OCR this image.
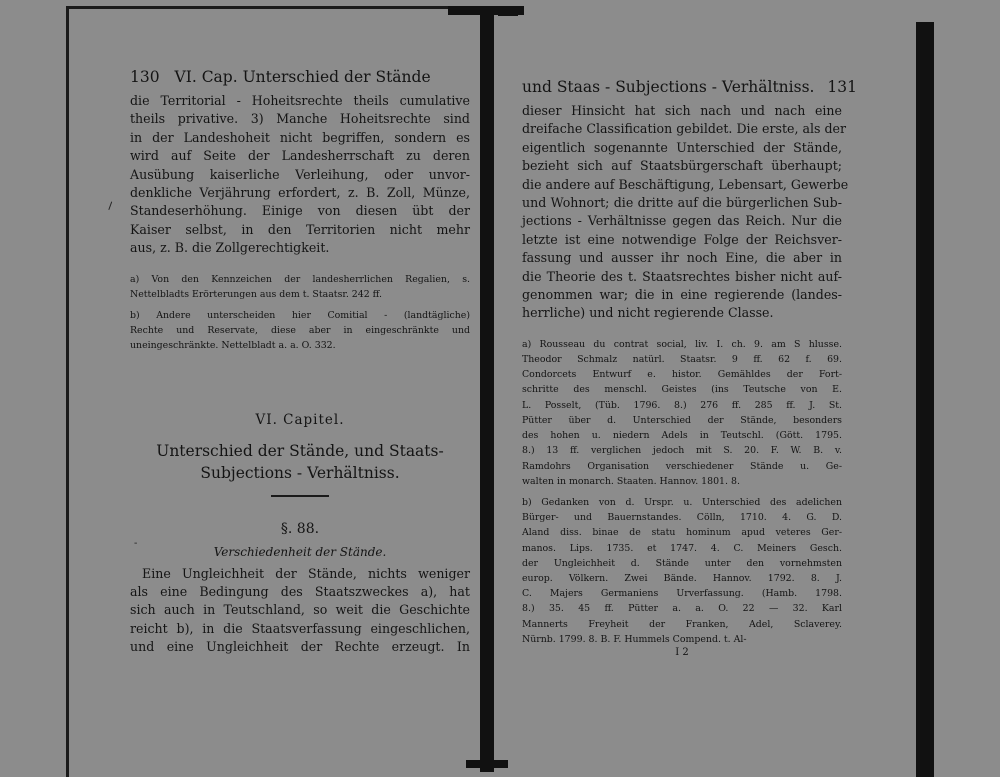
⸝
-
130 VI. Cap. Unterschied der Stände
die Territorial - Hoheitsrechte theils cumulative
theils privative. 3) Manche Hoheitsrechte sind
in der Landeshoheit nicht begriffen, sondern es
wird auf Seite der Landesherrschaft zu deren
Ausübung kaiserliche Verleihung, oder unvor-
denkliche Verjährung erfordert, z. B. Zoll, Münze,
Standeserhöhung. Einige von diesen übt der
Kaiser selbst, in den Territorien nicht mehr
aus, z. B. die Zollgerechtigkeit.
a) Von den Kennzeichen der landesherrlichen Regalien, s.
Nettelbladts Erörterungen aus dem t. Staatsr. 242 ff.
b) Andere unterscheiden hier Comitial - (landtägliche)
Rechte und Reservate, diese aber in eingeschränkte und
uneingeschränkte. Nettelbladt a. a. O. 332.
VI. Capitel.
Unterschied der Stände, und Staats-
Subjections - Verhältniss.
§. 88.
Verschiedenheit der Stände.
Eine Ungleichheit der Stände, nichts weniger
als eine Bedingung des Staatszweckes a), hat
sich auch in Teutschland, so weit die Geschichte
reicht b), in die Staatsverfassung eingeschlichen,
und eine Ungleichheit der Rechte erzeugt. In
und Staas - Subjections - Verhältniss. 131
dieser Hinsicht hat sich nach und nach eine
dreifache Classification gebildet. Die erste, als der
eigentlich sogenannte Unterschied der Stände,
bezieht sich auf Staatsbürgerschaft überhaupt;
die andere auf Beschäftigung, Lebensart, Gewerbe
und Wohnort; die dritte auf die bürgerlichen Sub-
jections - Verhältnisse gegen das Reich. Nur die
letzte ist eine notwendige Folge der Reichsver-
fassung und ausser ihr noch Eine, die aber in
die Theorie des t. Staatsrechtes bisher nicht auf-
genommen war; die in eine regierende (landes-
herrliche) und nicht regierende Classe.
a) Rousseau du contrat social, liv. I. ch. 9. am S hlusse.
Theodor Schmalz natürl. Staatsr. 9 ff. 62 f. 69.
Condorcets Entwurf e. histor. Gemähldes der Fort-
schritte des menschl. Geistes (ins Teutsche von E.
L. Posselt, (Tüb. 1796. 8.) 276 ff. 285 ff. J. St.
Pütter über d. Unterschied der Stände, besonders
des hohen u. niedern Adels in Teutschl. (Gött. 1795.
8.) 13 ff. verglichen jedoch mit S. 20. F. W. B. v.
Ramdohrs Organisation verschiedener Stände u. Ge-
walten in monarch. Staaten. Hannov. 1801. 8.
b) Gedanken von d. Urspr. u. Unterschied des adelichen
Bürger- und Bauernstandes. Cölln, 1710. 4. G. D.
Aland diss. binae de statu hominum apud veteres Ger-
manos. Lips. 1735. et 1747. 4. C. Meiners Gesch.
der Ungleichheit d. Stände unter den vornehmsten
europ. Völkern. Zwei Bände. Hannov. 1792. 8. J.
C. Majers Germaniens Urverfassung. (Hamb. 1798.
8.) 35. 45 ff. Pütter a. a. O. 22 — 32. Karl
Mannerts Freyheit der Franken, Adel, Sclaverey.
Nürnb. 1799. 8. B. F. Hummels Compend. t. Al-
I 2
